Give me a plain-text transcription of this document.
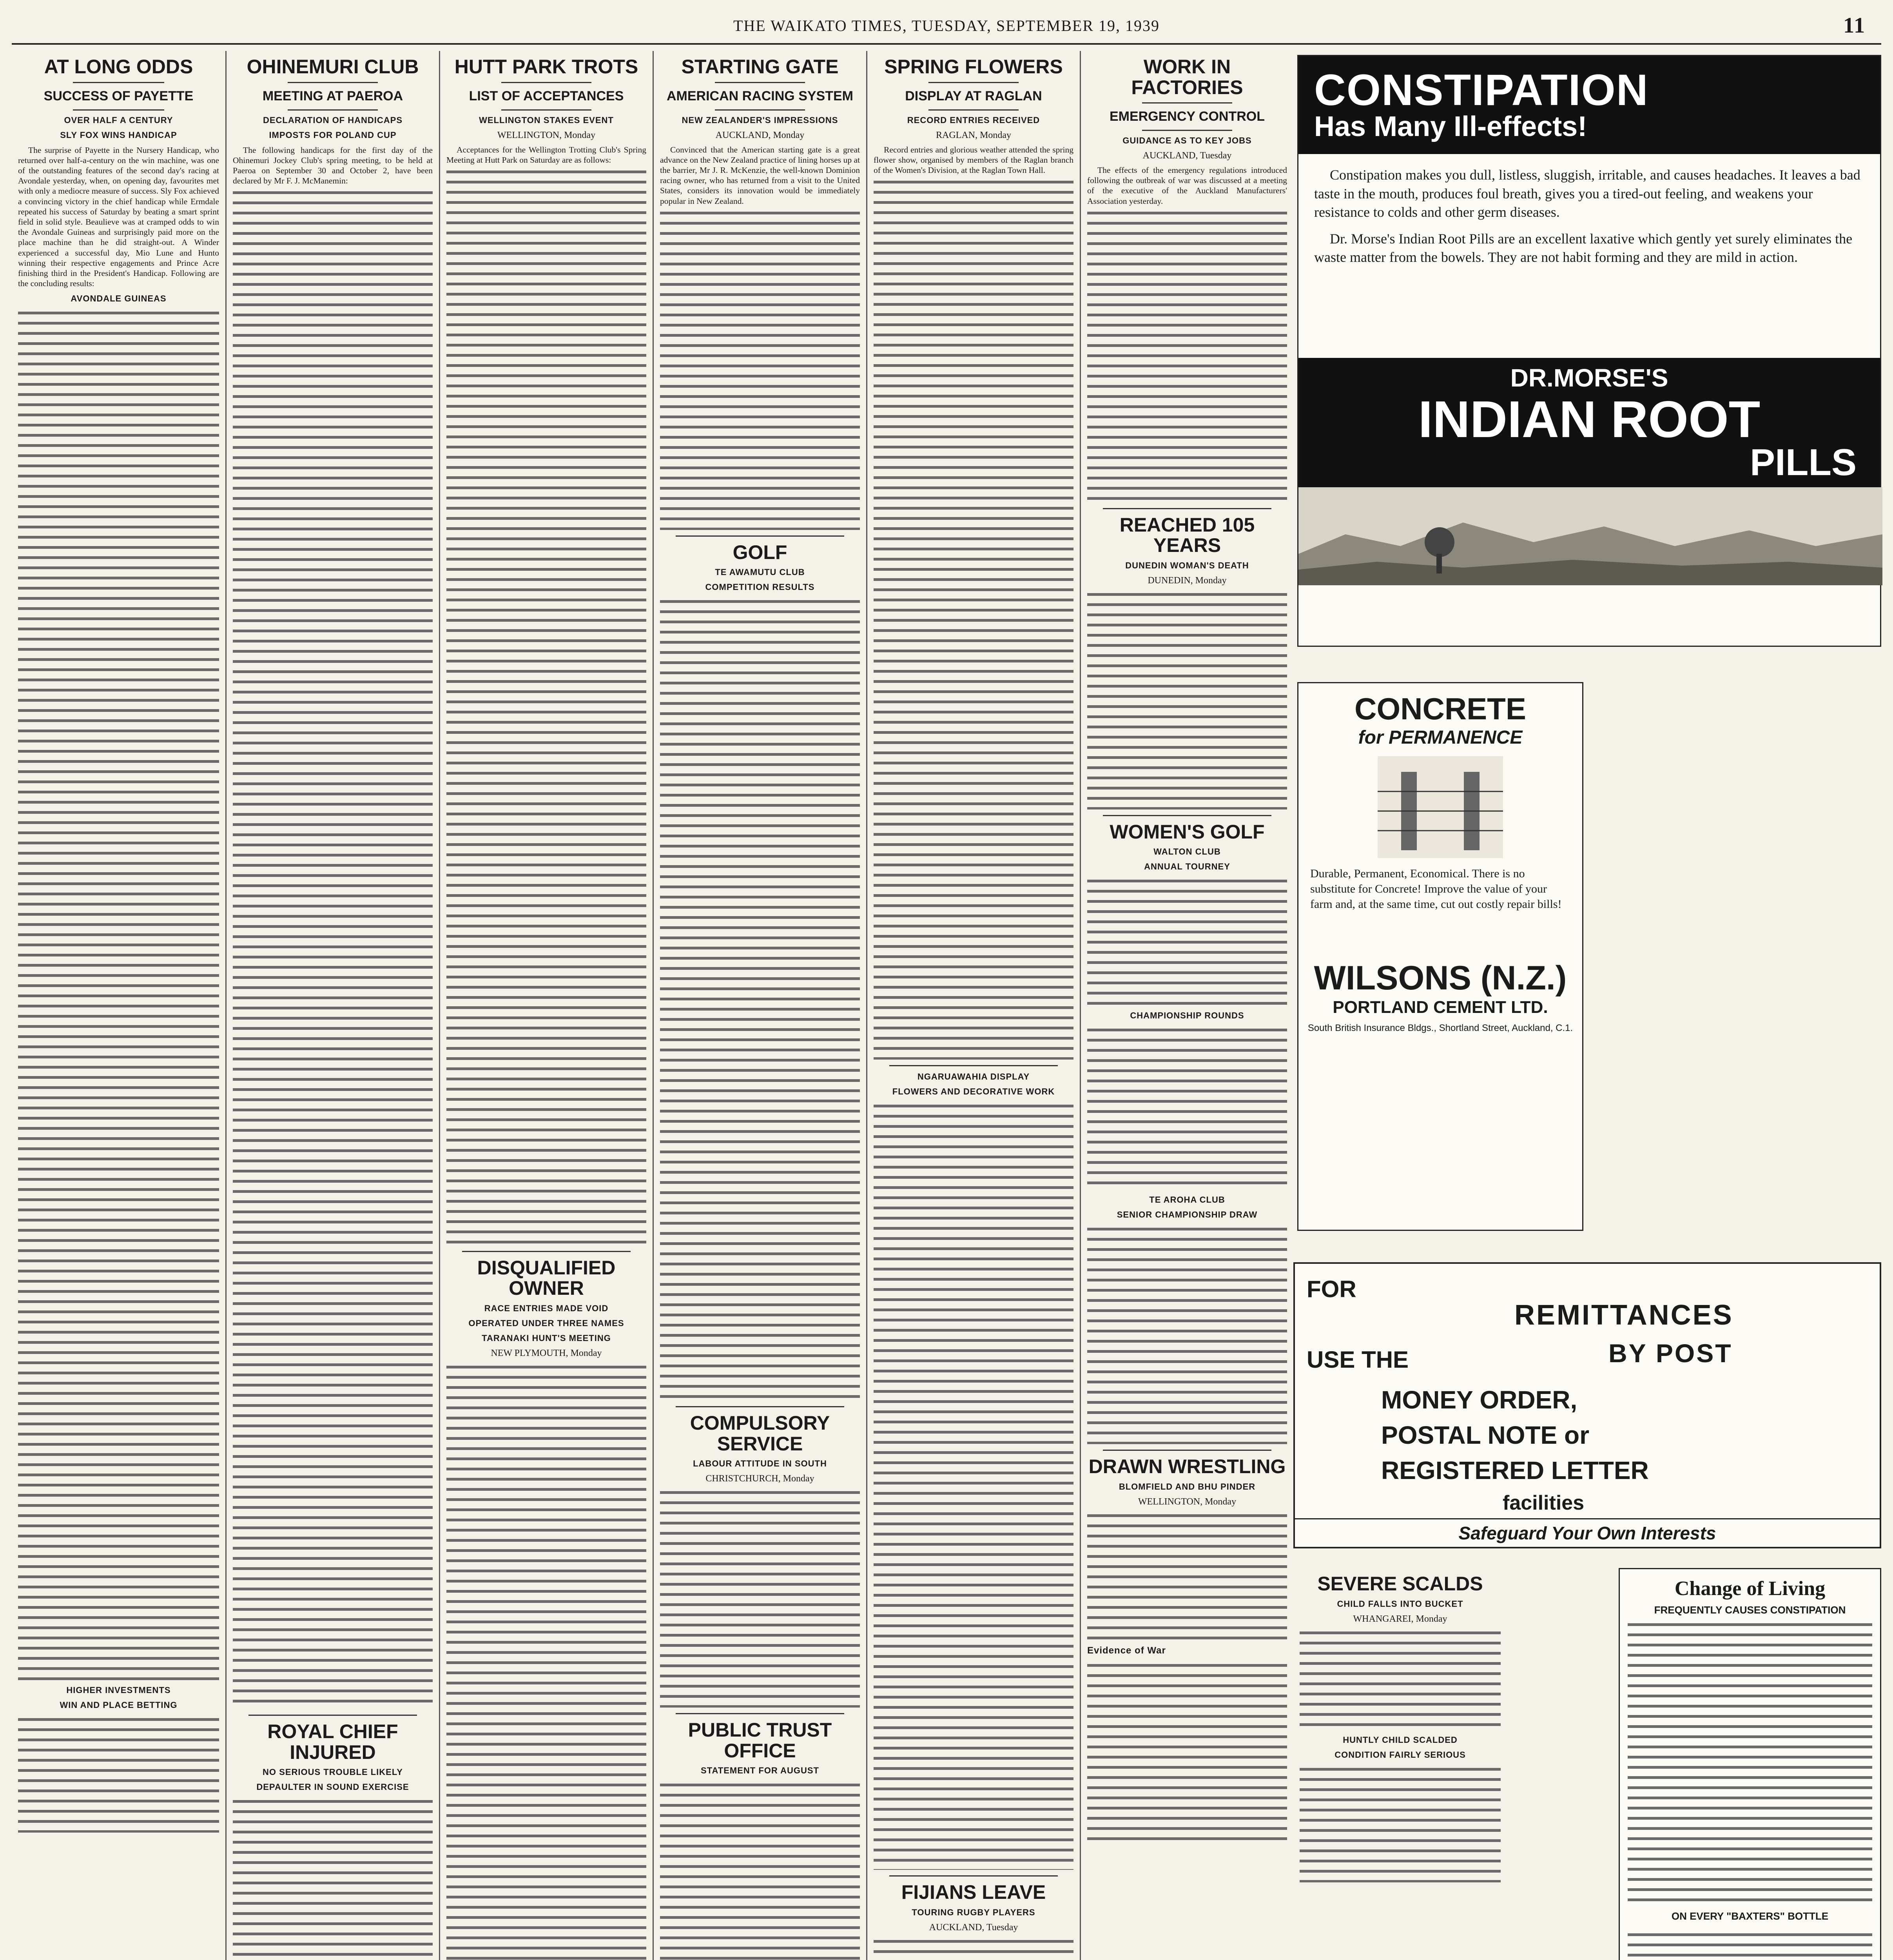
THE WAIKATO TIMES, TUESDAY, SEPTEMBER 19, 1939	11
AT LONG ODDS
SUCCESS OF PAYETTE
OVER HALF A CENTURY
SLY FOX WINS HANDICAP

The surprise of Payette in the Nursery Handicap, who returned over half-a-century on the win machine, was one of the outstanding features of the second day's racing at Avondale yesterday, when, on opening day, favourites met with only a mediocre measure of success. Sly Fox achieved a convincing victory in the chief handicap while Ermdale repeated his success of Saturday by beating a smart sprint field in solid style. Beaulieve was at cramped odds to win the Avondale Guineas and surprisingly paid more on the place machine than he did straight-out. A Winder experienced a successful day, Mio Lune and Hunto winning their respective engagements and Prince Acre finishing third in the President's Handicap. Following are the concluding results:

AVONDALE GUINEAS
HIGHER INVESTMENTS
WIN AND PLACE BETTING
OHINEMURI CLUB
MEETING AT PAEROA
DECLARATION OF HANDICAPS
IMPOSTS FOR POLAND CUP

The following handicaps for the first day of the Ohinemuri Jockey Club's spring meeting, to be held at Paeroa on September 30 and October 2, have been declared by Mr F. J. McManemin:

ROYAL CHIEF INJURED
NO SERIOUS TROUBLE LIKELY
DEPAULTER IN SOUND EXERCISE
HUTT PARK TROTS
LIST OF ACCEPTANCES
WELLINGTON STAKES EVENT
WELLINGTON, Monday

Acceptances for the Wellington Trotting Club's Spring Meeting at Hutt Park on Saturday are as follows:

DISQUALIFIED OWNER
RACE ENTRIES MADE VOID
OPERATED UNDER THREE NAMES
TARANAKI HUNT'S MEETING
NEW PLYMOUTH, Monday
STARTING GATE
AMERICAN RACING SYSTEM
NEW ZEALANDER'S IMPRESSIONS
AUCKLAND, Monday

Convinced that the American starting gate is a great advance on the New Zealand practice of lining horses up at the barrier, Mr J. R. McKenzie, the well-known Dominion racing owner, who has returned from a visit to the United States, considers its innovation would be immediately popular in New Zealand.

GOLF
TE AWAMUTU CLUB
COMPETITION RESULTS
COMPULSORY SERVICE
LABOUR ATTITUDE IN SOUTH
CHRISTCHURCH, Monday
PUBLIC TRUST OFFICE
STATEMENT FOR AUGUST
SPRING FLOWERS
DISPLAY AT RAGLAN
RECORD ENTRIES RECEIVED
RAGLAN, Monday

Record entries and glorious weather attended the spring flower show, organised by members of the Raglan branch of the Women's Division, at the Raglan Town Hall.

NGARUAWAHIA DISPLAY
FLOWERS AND DECORATIVE WORK
FIJIANS LEAVE
TOURING RUGBY PLAYERS
AUCKLAND, Tuesday
WORK IN FACTORIES
EMERGENCY CONTROL
GUIDANCE AS TO KEY JOBS
AUCKLAND, Tuesday

The effects of the emergency regulations introduced following the outbreak of war was discussed at a meeting of the executive of the Auckland Manufacturers' Association yesterday.

REACHED 105 YEARS
DUNEDIN WOMAN'S DEATH
DUNEDIN, Monday
WOMEN'S GOLF
WALTON CLUB
ANNUAL TOURNEY
CHAMPIONSHIP ROUNDS
TE AROHA CLUB
SENIOR CHAMPIONSHIP DRAW
DRAWN WRESTLING
BLOMFIELD AND BHU PINDER
WELLINGTON, Monday
Evidence of War
CONSTIPATION
Has Many Ill-effects!

Constipation makes you dull, listless, sluggish, irritable, and causes headaches. It leaves a bad taste in the mouth, produces foul breath, gives you a tired-out feeling, and weakens your resistance to colds and other germ diseases.

Dr. Morse's Indian Root Pills are an excellent laxative which gently yet surely eliminates the waste matter from the bowels. They are not habit forming and they are mild in action.

DR.MORSE'S
INDIAN ROOT
PILLS
CONCRETE
for PERMANENCE

Durable, Permanent, Economical. There is no substitute for Concrete! Improve the value of your farm and, at the same time, cut out costly repair bills!

WILSONS (N.Z.)
PORTLAND CEMENT LTD.
South British Insurance Bldgs., Shortland Street, Auckland, C.1.
FOR
REMITTANCES
BY POST
USE THE
MONEY ORDER,
POSTAL NOTE or
REGISTERED LETTER
facilities
Safeguard Your Own Interests
SEVERE SCALDS
CHILD FALLS INTO BUCKET
WHANGAREI, Monday
HUNTLY CHILD SCALDED
CONDITION FAIRLY SERIOUS
Change of Living
FREQUENTLY CAUSES CONSTIPATION
ON EVERY "BAXTERS" BOTTLE
